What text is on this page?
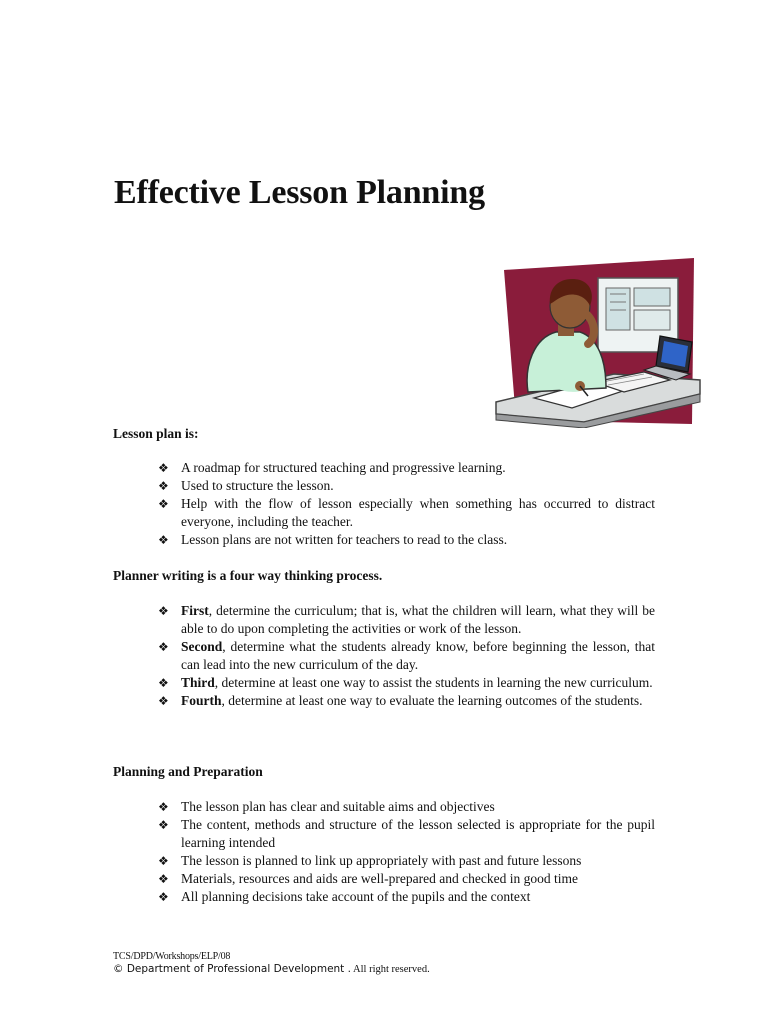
Effective Lesson Planning
Lesson plan is:
❖ A roadmap for structured teaching and progressive learning.
❖ Used to structure the lesson.
❖ Help with the flow of lesson especially when something has occurred to distract everyone, including the teacher.
❖ Lesson plans are not written for teachers to read to the class.
Planner writing is a four way thinking process.
❖ First, determine the curriculum; that is, what the children will learn, what they will be able to do upon completing the activities or work of the lesson.
❖ Second, determine what the students already know, before beginning the lesson, that can lead into the new curriculum of the day.
❖ Third, determine at least one way to assist the students in learning the new curriculum.
❖ Fourth, determine at least one way to evaluate the learning outcomes of the students.
Planning and Preparation
❖ The lesson plan has clear and suitable aims and objectives
❖ The content, methods and structure of the lesson selected is appropriate for the pupil learning intended
❖ The lesson is planned to link up appropriately with past and future lessons
❖ Materials, resources and aids are well-prepared and checked in good time
❖ All planning decisions take account of the pupils and the context
TCS/DPD/Workshops/ELP/08
© Department of Professional Development . All right reserved.
